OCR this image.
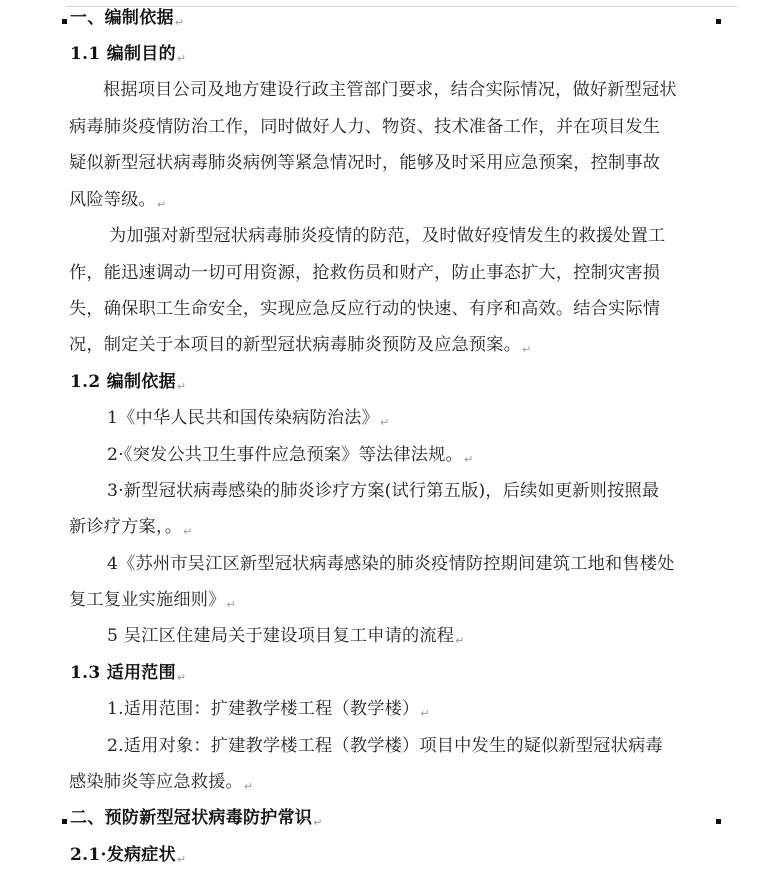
一、编制依据↵
1.1 编制目的↵
根据项目公司及地方建设行政主管部门要求，结合实际情况，做好新型冠状
病毒肺炎疫情防治工作，同时做好人力、物资、技术准备工作，并在项目发生
疑似新型冠状病毒肺炎病例等紧急情况时，能够及时采用应急预案，控制事故
风险等级。↵
为加强对新型冠状病毒肺炎疫情的防范，及时做好疫情发生的救援处置工
作，能迅速调动一切可用资源，抢救伤员和财产，防止事态扩大，控制灾害损
失，确保职工生命安全，实现应急反应行动的快速、有序和高效。结合实际情
况，制定关于本项目的新型冠状病毒肺炎预防及应急预案。↵
1.2 编制依据↵
1《中华人民共和国传染病防治法》↵
2·《突发公共卫生事件应急预案》等法律法规。↵
3·新型冠状病毒感染的肺炎诊疗方案(试行第五版)，后续如更新则按照最
新诊疗方案，。↵
4《苏州市吴江区新型冠状病毒感染的肺炎疫情防控期间建筑工地和售楼处
复工复业实施细则》↵
5 吴江区住建局关于建设项目复工申请的流程↵
1.3 适用范围↵
1.适用范围：扩建教学楼工程（教学楼）↵
2.适用对象：扩建教学楼工程（教学楼）项目中发生的疑似新型冠状病毒
感染肺炎等应急救援。↵
二、预防新型冠状病毒防护常识↵
2.1·发病症状↵
